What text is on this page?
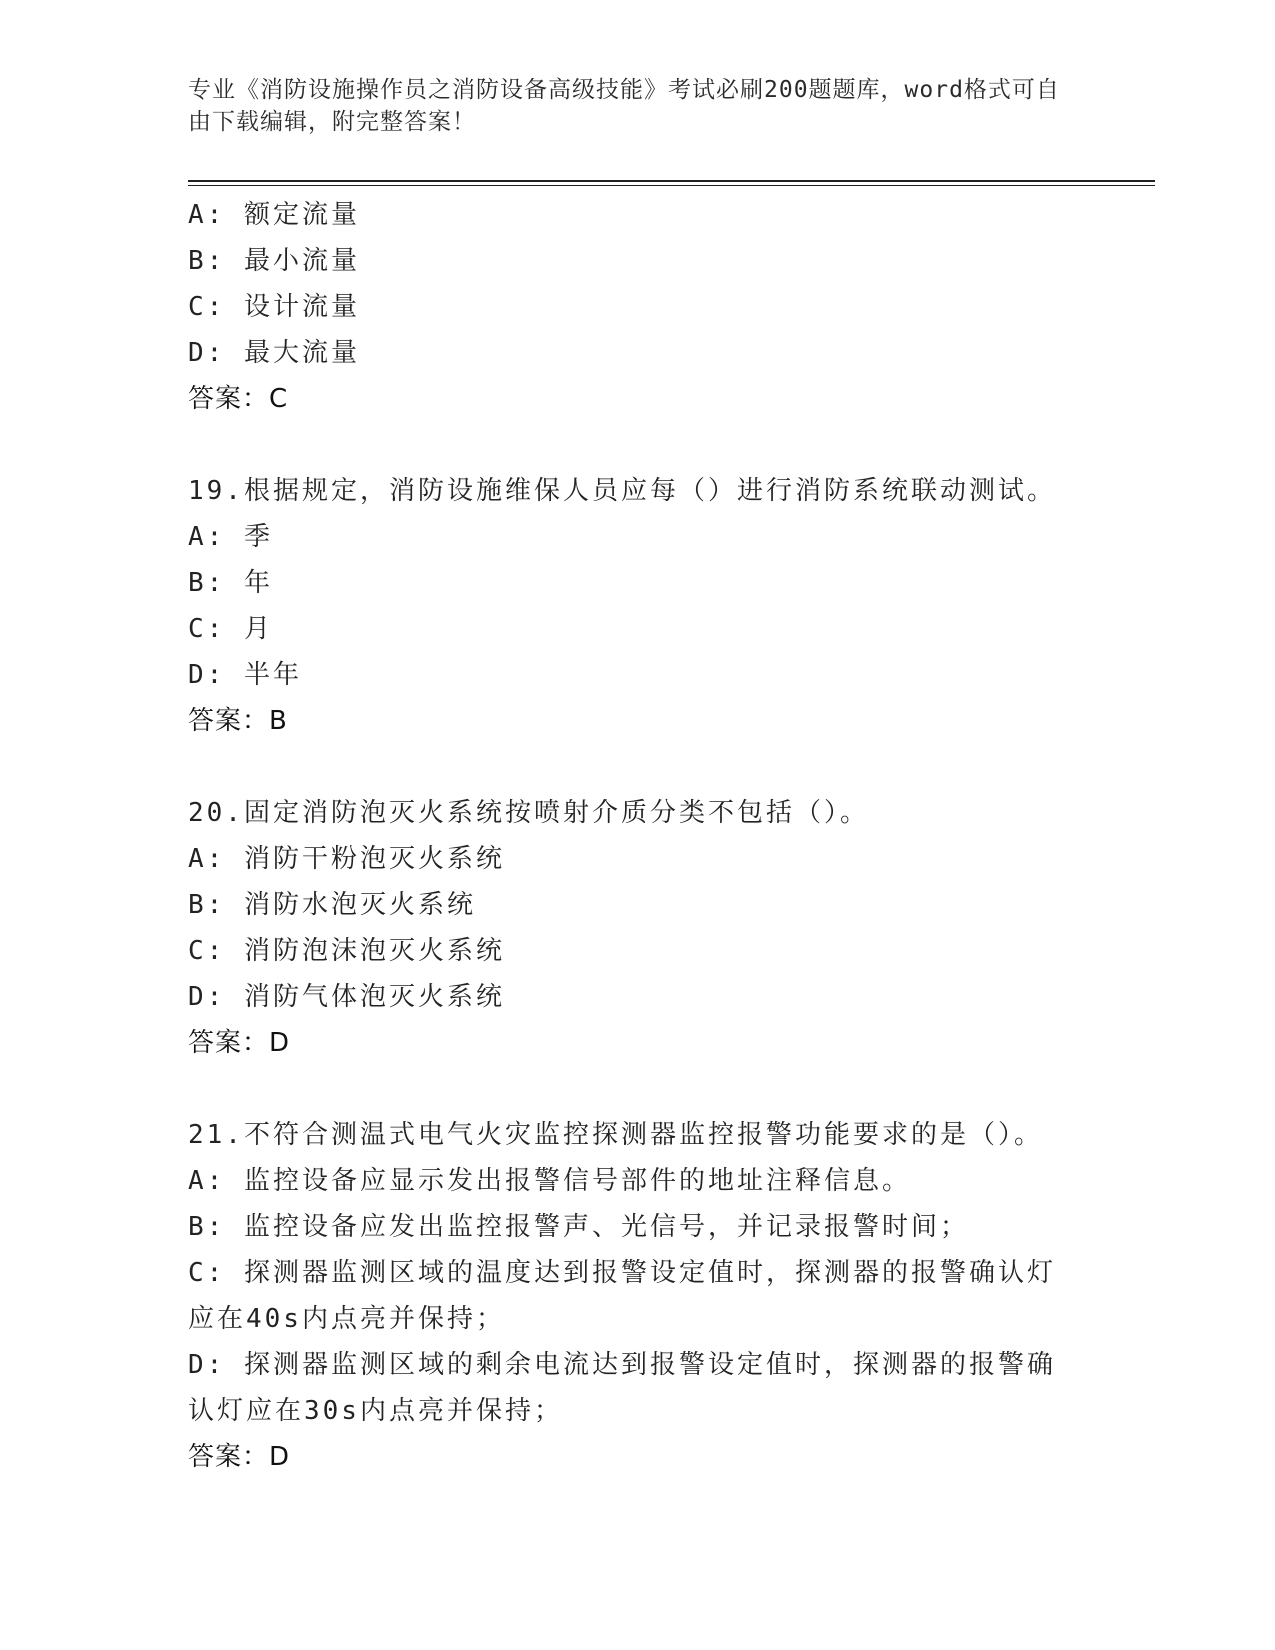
专业《消防设施操作员之消防设备高级技能》考试必刷200题题库，word格式可自由下载编辑，附完整答案！
A: 额定流量
B: 最小流量
C: 设计流量
D: 最大流量
答案：C
19.根据规定，消防设施维保人员应每（）进行消防系统联动测试。
A: 季
B: 年
C: 月
D: 半年
答案：B
20.固定消防泡灭火系统按喷射介质分类不包括（）。
A: 消防干粉泡灭火系统
B: 消防水泡灭火系统
C: 消防泡沫泡灭火系统
D: 消防气体泡灭火系统
答案：D
21.不符合测温式电气火灾监控探测器监控报警功能要求的是（）。
A: 监控设备应显示发出报警信号部件的地址注释信息。
B: 监控设备应发出监控报警声、光信号，并记录报警时间；
C: 探测器监测区域的温度达到报警设定值时，探测器的报警确认灯应在40s内点亮并保持；
D: 探测器监测区域的剩余电流达到报警设定值时，探测器的报警确认灯应在30s内点亮并保持；
答案：D
